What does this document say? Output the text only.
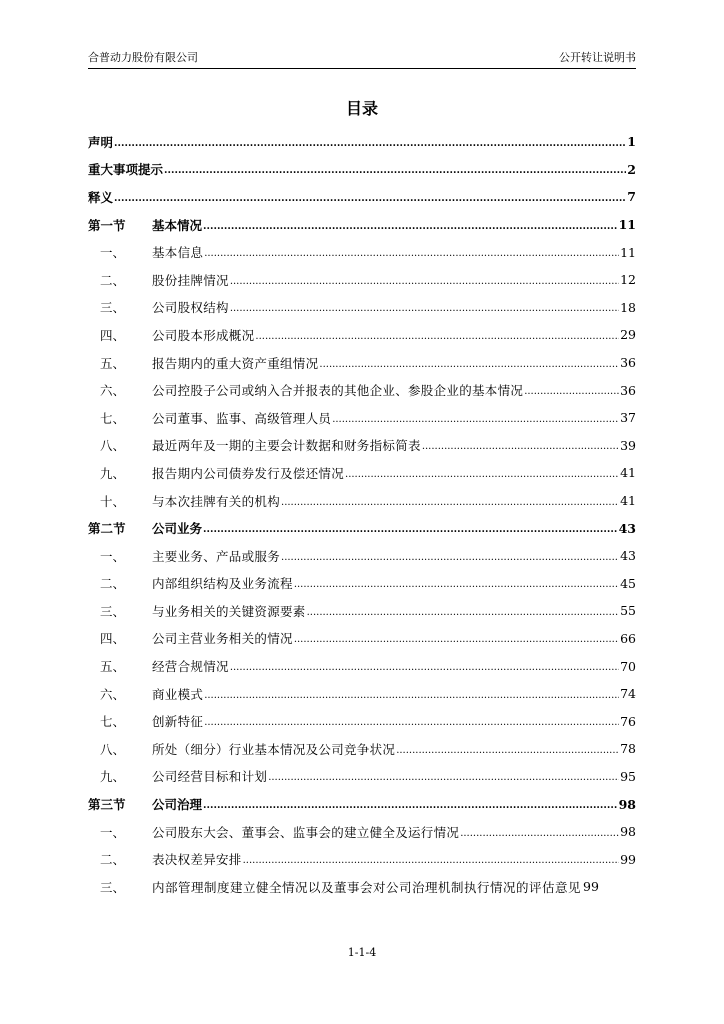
合普动力股份有限公司	公开转让说明书
目录
声明 .....	1
重大事项提示 .....	2
释义 .....	7
第一节	基本情况 .....	11
一、	基本信息 .....	11
二、	股份挂牌情况 .....	12
三、	公司股权结构 .....	18
四、	公司股本形成概况 .....	29
五、	报告期内的重大资产重组情况 .....	36
六、	公司控股子公司或纳入合并报表的其他企业、参股企业的基本情况 .....	36
七、	公司董事、监事、高级管理人员 .....	37
八、	最近两年及一期的主要会计数据和财务指标简表 .....	39
九、	报告期内公司债券发行及偿还情况 .....	41
十、	与本次挂牌有关的机构 .....	41
第二节	公司业务 .....	43
一、	主要业务、产品或服务 .....	43
二、	内部组织结构及业务流程 .....	45
三、	与业务相关的关键资源要素 .....	55
四、	公司主营业务相关的情况 .....	66
五、	经营合规情况 .....	70
六、	商业模式 .....	74
七、	创新特征 .....	76
八、	所处（细分）行业基本情况及公司竞争状况 .....	78
九、	公司经营目标和计划 .....	95
第三节	公司治理 .....	98
一、	公司股东大会、董事会、监事会的建立健全及运行情况 .....	98
二、	表决权差异安排 .....	99
三、	内部管理制度建立健全情况以及董事会对公司治理机制执行情况的评估意见 99
1-1-4
